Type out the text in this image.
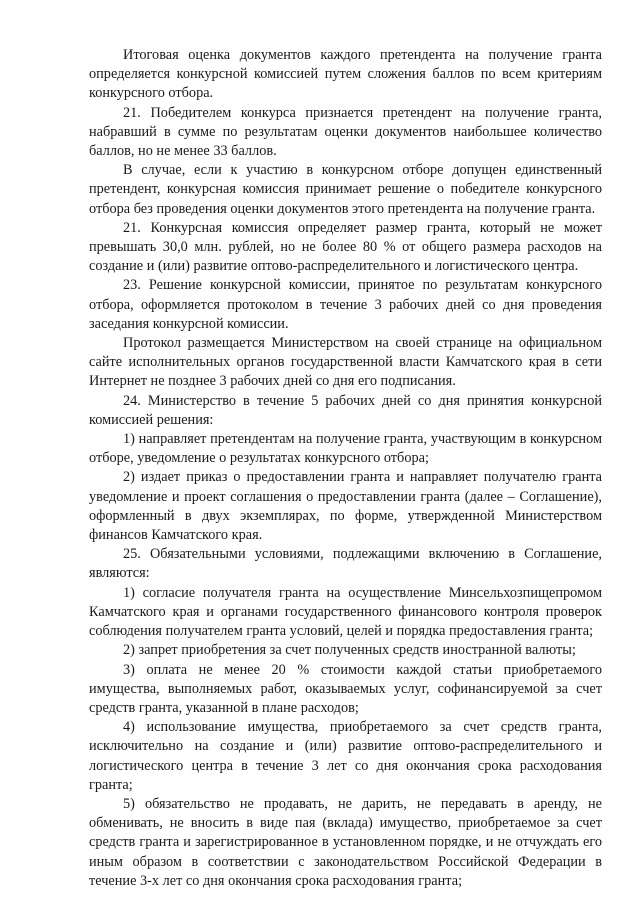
Итоговая оценка документов каждого претендента на получение гранта определяется конкурсной комиссией путем сложения баллов по всем критериям конкурсного отбора.

21. Победителем конкурса признается претендент на получение гранта, набравший в сумме по результатам оценки документов наибольшее количество баллов, но не менее 33 баллов.

В случае, если к участию в конкурсном отборе допущен единственный претендент, конкурсная комиссия принимает решение о победителе конкурсного отбора без проведения оценки документов этого претендента на получение гранта.

21. Конкурсная комиссия определяет размер гранта, который не может превышать 30,0 млн. рублей, но не более 80 % от общего размера расходов на создание и (или) развитие оптово-распределительного и логистического центра.

23. Решение конкурсной комиссии, принятое по результатам конкурсного отбора, оформляется протоколом в течение 3 рабочих дней со дня проведения заседания конкурсной комиссии.

Протокол размещается Министерством на своей странице на официальном сайте исполнительных органов государственной власти Камчатского края в сети Интернет не позднее 3 рабочих дней со дня его подписания.

24. Министерство в течение 5 рабочих дней со дня принятия конкурсной комиссией решения:

1) направляет претендентам на получение гранта, участвующим в конкурсном отборе, уведомление о результатах конкурсного отбора;

2) издает приказ о предоставлении гранта и направляет получателю гранта уведомление и проект соглашения о предоставлении гранта (далее – Соглашение), оформленный в двух экземплярах, по форме, утвержденной Министерством финансов Камчатского края.

25. Обязательными условиями, подлежащими включению в Соглашение, являются:

1) согласие получателя гранта на осуществление Минсельхозпищепромом Камчатского края и органами государственного финансового контроля проверок соблюдения получателем гранта условий, целей и порядка предоставления гранта;

2) запрет приобретения за счет полученных средств иностранной валюты;

3) оплата не менее 20 % стоимости каждой статьи приобретаемого имущества, выполняемых работ, оказываемых услуг, софинансируемой за счет средств гранта, указанной в плане расходов;

4) использование имущества, приобретаемого за счет средств гранта, исключительно на создание и (или) развитие оптово-распределительного и логистического центра в течение 3 лет со дня окончания срока расходования гранта;

5) обязательство не продавать, не дарить, не передавать в аренду, не обменивать, не вносить в виде пая (вклада) имущество, приобретаемое за счет средств гранта и зарегистрированное в установленном порядке, и не отчуждать его иным образом в соответствии с законодательством Российской Федерации в течение 3-х лет со дня окончания срока расходования гранта;
